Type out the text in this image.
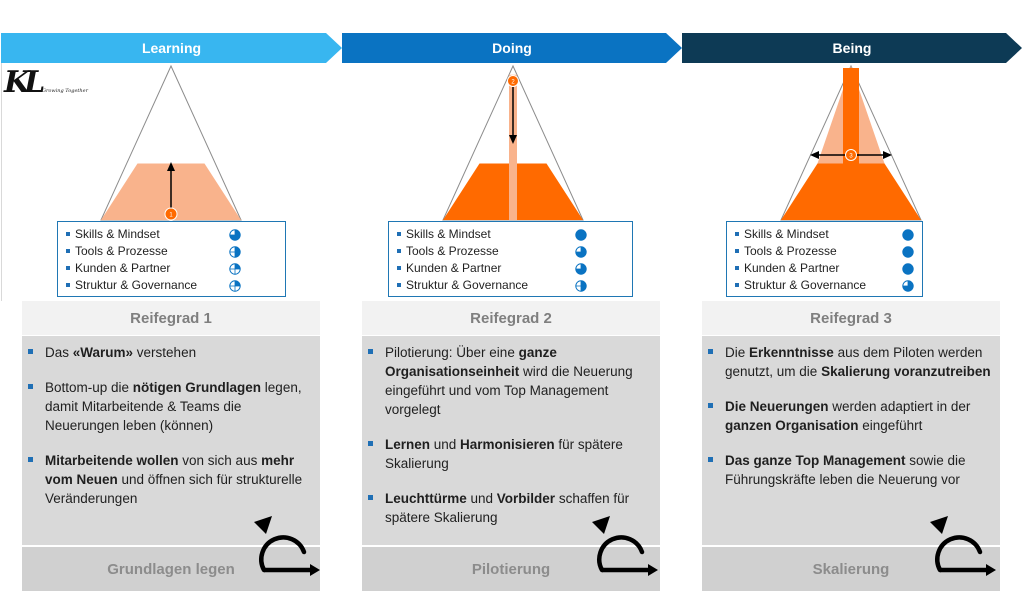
Learning	Doing	Being
KL Growing Together
1
2
3
Skills & Mindset
Tools & Prozesse
Kunden & Partner
Struktur & Governance
Skills & Mindset
Tools & Prozesse
Kunden & Partner
Struktur & Governance
Skills & Mindset
Tools & Prozesse
Kunden & Partner
Struktur & Governance
Reifegrad 1
Das «Warum» verstehen
Bottom-up die nötigen Grundlagen legen, damit Mitarbeitende & Teams die Neuerungen leben (können)
Mitarbeitende wollen von sich aus mehr vom Neuen und öffnen sich für strukturelle Veränderungen
Grundlagen legen
Reifegrad 2
Pilotierung: Über eine ganze Organisationseinheit wird die Neuerung eingeführt und vom Top Management vorgelegt
Lernen und Harmonisieren für spätere Skalierung
Leuchttürme und Vorbilder schaffen für spätere Skalierung
Pilotierung
Reifegrad 3
Die Erkenntnisse aus dem Piloten werden genutzt, um die Skalierung voranzutreiben
Die Neuerungen werden adaptiert in der ganzen Organisation eingeführt
Das ganze Top Management sowie die Führungskräfte leben die Neuerung vor
Skalierung
